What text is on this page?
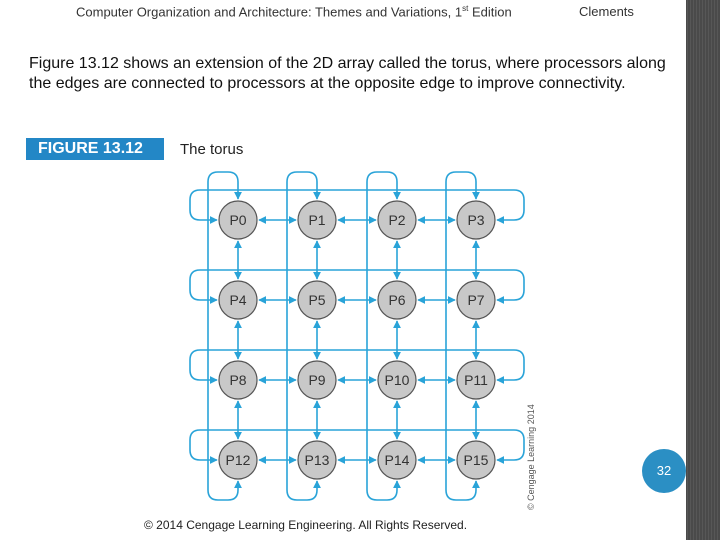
Computer Organization and Architecture: Themes and Variations, 1st Edition	Clements
Figure 13.12 shows an extension of the 2D array called the torus, where processors along the edges are connected to processors at the opposite edge to improve connectivity.
P0	P1	P2	P3
P4	P5	P6	P7
P8	P9	P10	P11
P12	P13	P14	P15
FIGURE 13.12	The torus
© Cengage Learning 2014	32
© 2014 Cengage Learning Engineering. All Rights Reserved.
